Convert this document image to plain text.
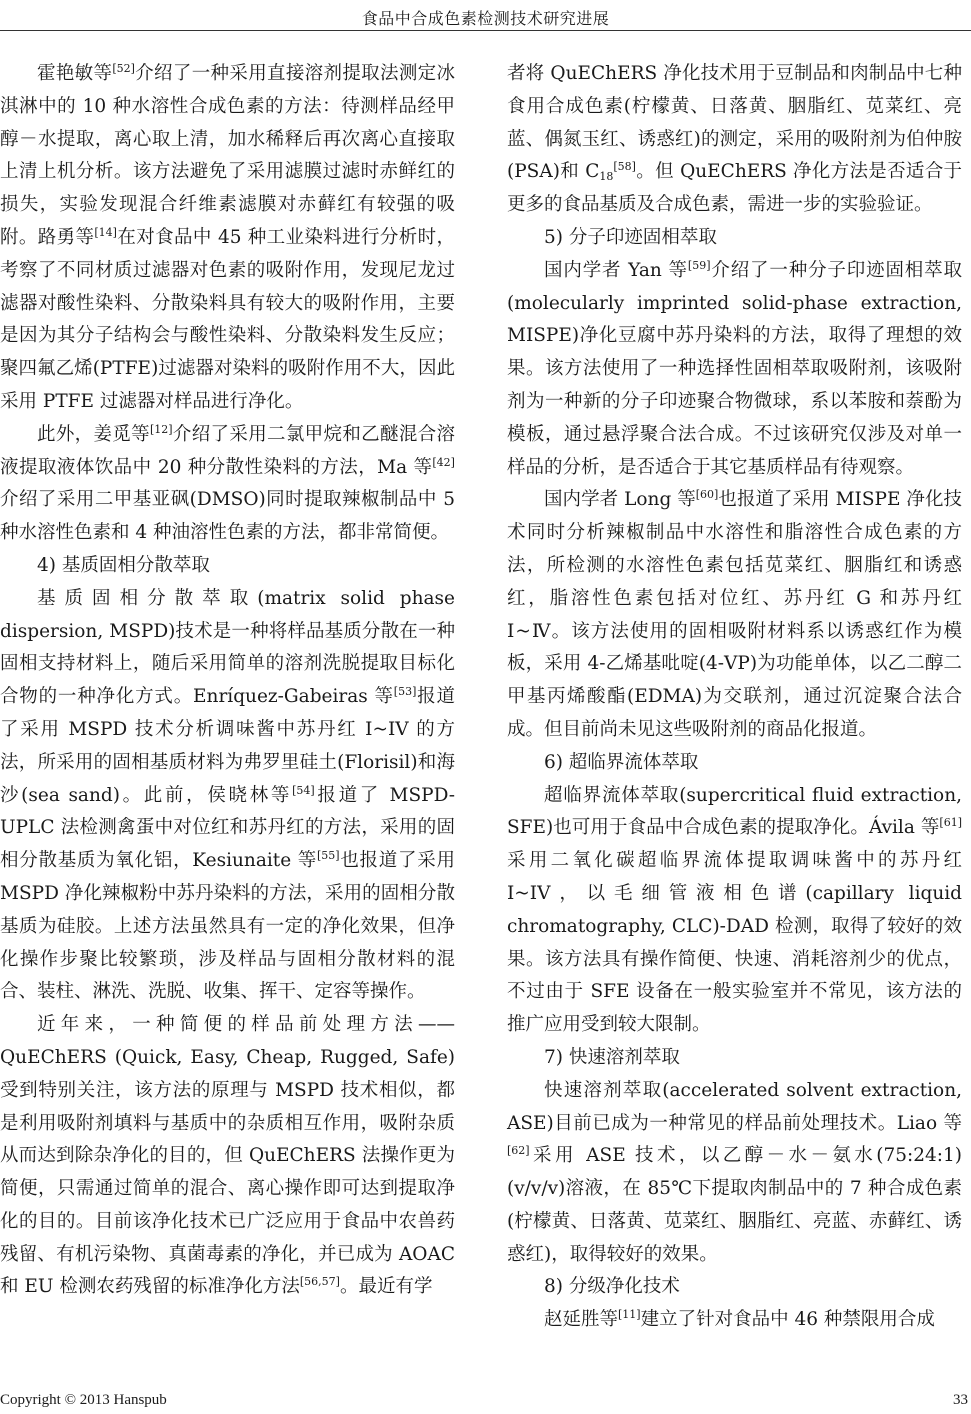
食品中合成色素检测技术研究进展

霍艳敏等[52]介绍了一种采用直接溶剂提取法测定冰淇淋中的 10 种水溶性合成色素的方法：待测样品经甲醇－水提取，离心取上清，加水稀释后再次离心直接取上清上机分析。该方法避免了采用滤膜过滤时赤鲜红的损失，实验发现混合纤维素滤膜对赤藓红有较强的吸附。路勇等[14]在对食品中 45 种工业染料进行分析时，考察了不同材质过滤器对色素的吸附作用，发现尼龙过滤器对酸性染料、分散染料具有较大的吸附作用，主要是因为其分子结构会与酸性染料、分散染料发生反应；聚四氟乙烯(PTFE)过滤器对染料的吸附作用不大，因此采用 PTFE 过滤器对样品进行净化。

此外，姜觅等[12]介绍了采用二氯甲烷和乙醚混合溶液提取液体饮品中 20 种分散性染料的方法，Ma 等[42]介绍了采用二甲基亚砜(DMSO)同时提取辣椒制品中 5 种水溶性色素和 4 种油溶性色素的方法，都非常简便。

4) 基质固相分散萃取

基质固相分散萃取(matrix solid phase dispersion, MSPD)技术是一种将样品基质分散在一种固相支持材料上，随后采用简单的溶剂洗脱提取目标化合物的一种净化方式。Enríquez-Gabeiras 等[53]报道了采用 MSPD 技术分析调味酱中苏丹红 I~IV 的方法，所采用的固相基质材料为弗罗里硅土(Florisil)和海沙(sea sand)。此前，侯晓林等[54]报道了 MSPD-UPLC 法检测禽蛋中对位红和苏丹红的方法，采用的固相分散基质为氧化铝，Kesiunaite 等[55]也报道了采用 MSPD 净化辣椒粉中苏丹染料的方法，采用的固相分散基质为硅胶。上述方法虽然具有一定的净化效果，但净化操作步聚比较繁琐，涉及样品与固相分散材料的混合、装柱、淋洗、洗脱、收集、挥干、定容等操作。

近年来，一种简便的样品前处理方法——QuEChERS (Quick, Easy, Cheap, Rugged, Safe)受到特别关注，该方法的原理与 MSPD 技术相似，都是利用吸附剂填料与基质中的杂质相互作用，吸附杂质从而达到除杂净化的目的，但 QuEChERS 法操作更为简便，只需通过简单的混合、离心操作即可达到提取净化的目的。目前该净化技术已广泛应用于食品中农兽药残留、有机污染物、真菌毒素的净化，并已成为 AOAC 和 EU 检测农药残留的标准净化方法[56,57]。最近有学

者将 QuEChERS 净化技术用于豆制品和肉制品中七种食用合成色素(柠檬黄、日落黄、胭脂红、苋菜红、亮蓝、偶氮玉红、诱惑红)的测定，采用的吸附剂为伯仲胺(PSA)和 $C_{18}[58]$。但 QuEChERS 净化方法是否适合于更多的食品基质及合成色素，需进一步的实验验证。

5) 分子印迹固相萃取

国内学者 Yan 等[59]介绍了一种分子印迹固相萃取(molecularly imprinted solid-phase extraction, MISPE)净化豆腐中苏丹染料的方法，取得了理想的效果。该方法使用了一种选择性固相萃取吸附剂，该吸附剂为一种新的分子印迹聚合物微球，系以苯胺和萘酚为模板，通过悬浮聚合法合成。不过该研究仅涉及对单一样品的分析，是否适合于其它基质样品有待观察。

国内学者 Long 等[60]也报道了采用 MISPE 净化技术同时分析辣椒制品中水溶性和脂溶性合成色素的方法，所检测的水溶性色素包括苋菜红、胭脂红和诱惑红，脂溶性色素包括对位红、苏丹红 G 和苏丹红Ⅰ~Ⅳ。该方法使用的固相吸附材料系以诱惑红作为模板，采用 4-乙烯基吡啶(4-VP)为功能单体，以乙二醇二甲基丙烯酸酯(EDMA)为交联剂，通过沉淀聚合法合成。但目前尚未见这些吸附剂的商品化报道。

6) 超临界流体萃取

超临界流体萃取(supercritical fluid extraction, SFE)也可用于食品中合成色素的提取净化。Ávila 等[61]采用二氧化碳超临界流体提取调味酱中的苏丹红 I~IV，以毛细管液相色谱(capillary liquid chromatography, CLC)-DAD 检测，取得了较好的效果。该方法具有操作简便、快速、消耗溶剂少的优点，不过由于 SFE 设备在一般实验室并不常见，该方法的推广应用受到较大限制。

7) 快速溶剂萃取

快速溶剂萃取(accelerated solvent extraction, ASE)目前已成为一种常见的样品前处理技术。Liao 等[62]采用 ASE 技术，以乙醇－水－氨水(75:24:1)(v/v/v)溶液，在 85℃下提取肉制品中的 7 种合成色素(柠檬黄、日落黄、苋菜红、胭脂红、亮蓝、赤藓红、诱惑红)，取得较好的效果。

8) 分级净化技术

赵延胜等[11]建立了针对食品中 46 种禁限用合成

Copyright © 2013 Hanspub	33
